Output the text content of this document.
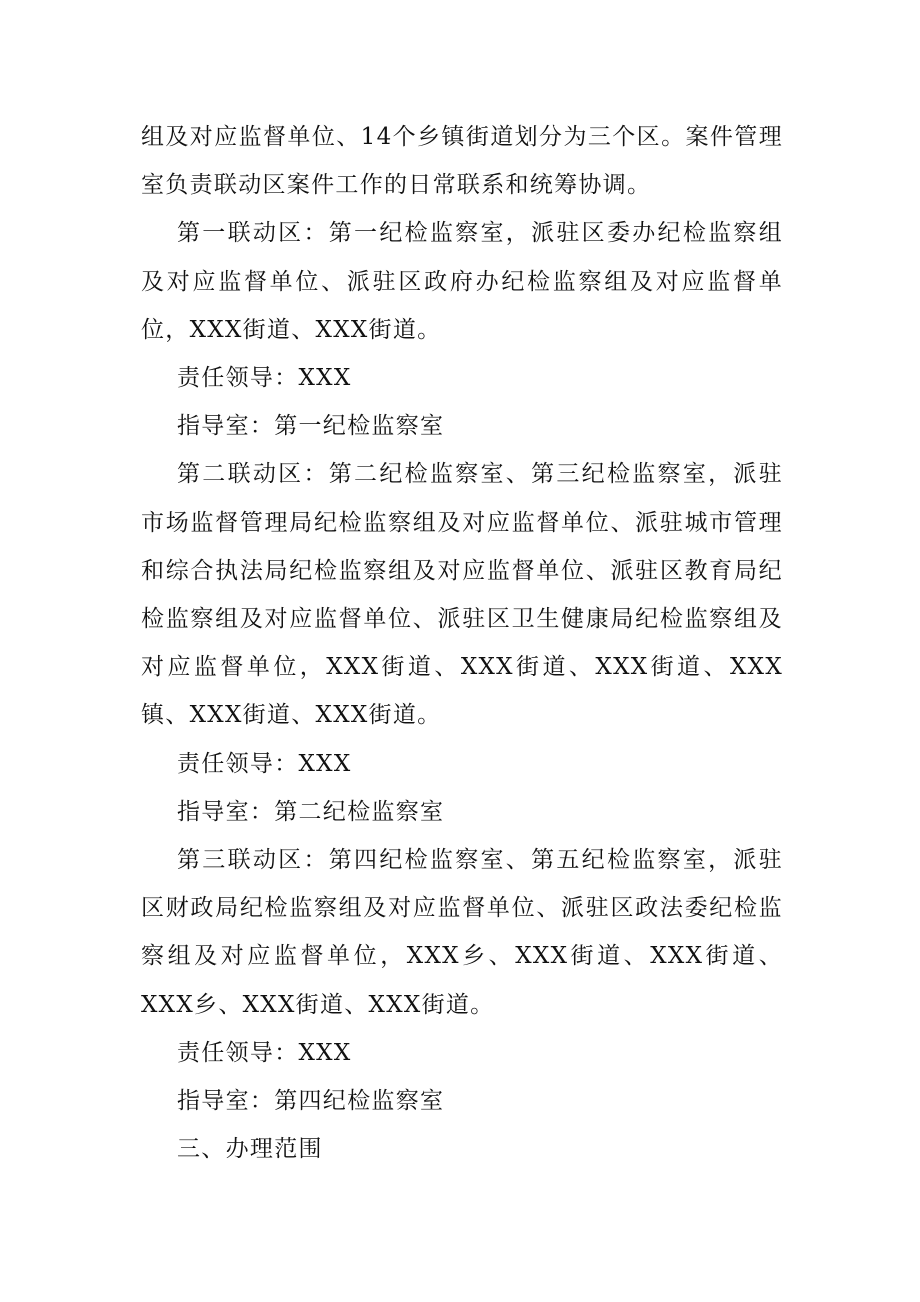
组及对应监督单位、14个乡镇街道划分为三个区。案件管理室负责联动区案件工作的日常联系和统筹协调。

第一联动区：第一纪检监察室，派驻区委办纪检监察组及对应监督单位、派驻区政府办纪检监察组及对应监督单位，XXX街道、XXX街道。

责任领导：XXX

指导室：第一纪检监察室

第二联动区：第二纪检监察室、第三纪检监察室，派驻市场监督管理局纪检监察组及对应监督单位、派驻城市管理和综合执法局纪检监察组及对应监督单位、派驻区教育局纪检监察组及对应监督单位、派驻区卫生健康局纪检监察组及对应监督单位，XXX街道、XXX街道、XXX街道、XXX镇、XXX街道、XXX街道。

责任领导：XXX

指导室：第二纪检监察室

第三联动区：第四纪检监察室、第五纪检监察室，派驻区财政局纪检监察组及对应监督单位、派驻区政法委纪检监察组及对应监督单位，XXX乡、XXX街道、XXX街道、XXX乡、XXX街道、XXX街道。

责任领导：XXX

指导室：第四纪检监察室

三、办理范围
